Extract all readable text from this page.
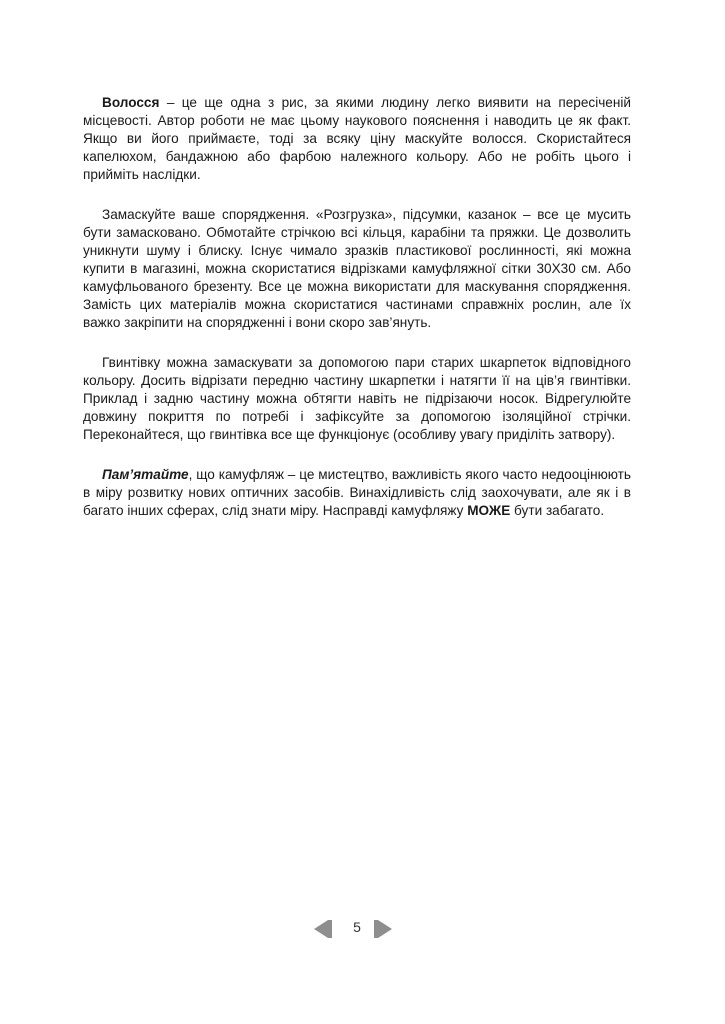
Волосся – це ще одна з рис, за якими людину легко виявити на пересіченій місцевості. Автор роботи не має цьому наукового пояснення і наводить це як факт. Якщо ви його приймаєте, тоді за всяку ціну маскуйте волосся. Скористайтеся капелюхом, бандажною або фарбою належного кольору. Або не робіть цього і прийміть наслідки.

Замаскуйте ваше спорядження. «Розгрузка», підсумки, казанок – все це мусить бути замасковано. Обмотайте стрічкою всі кільця, карабіни та пряжки. Це дозволить уникнути шуму і блиску. Існує чимало зразків пластикової рослинності, які можна купити в магазині, можна скористатися відрізками камуфляжної сітки 30Х30 см. Або камуфльованого брезенту. Все це можна використати для маскування спорядження. Замість цих матеріалів можна скористатися частинами справжніх рослин, але їх важко закріпити на спорядженні і вони скоро зав’януть.

Гвинтівку можна замаскувати за допомогою пари старих шкарпеток відповідного кольору. Досить відрізати передню частину шкарпетки і натягти її на ців’я гвинтівки. Приклад і задню частину можна обтягти навіть не підрізаючи носок. Відрегулюйте довжину покриття по потребі і зафіксуйте за допомогою ізоляційної стрічки. Переконайтеся, що гвинтівка все ще функціонує (особливу увагу приділіть затвору).

Пам’ятайте, що камуфляж – це мистецтво, важливість якого часто недооцінюють в міру розвитку нових оптичних засобів. Винахідливість слід заохочувати, але як і в багато інших сферах, слід знати міру. Насправді камуфляжу МОЖЕ бути забагато.

5
